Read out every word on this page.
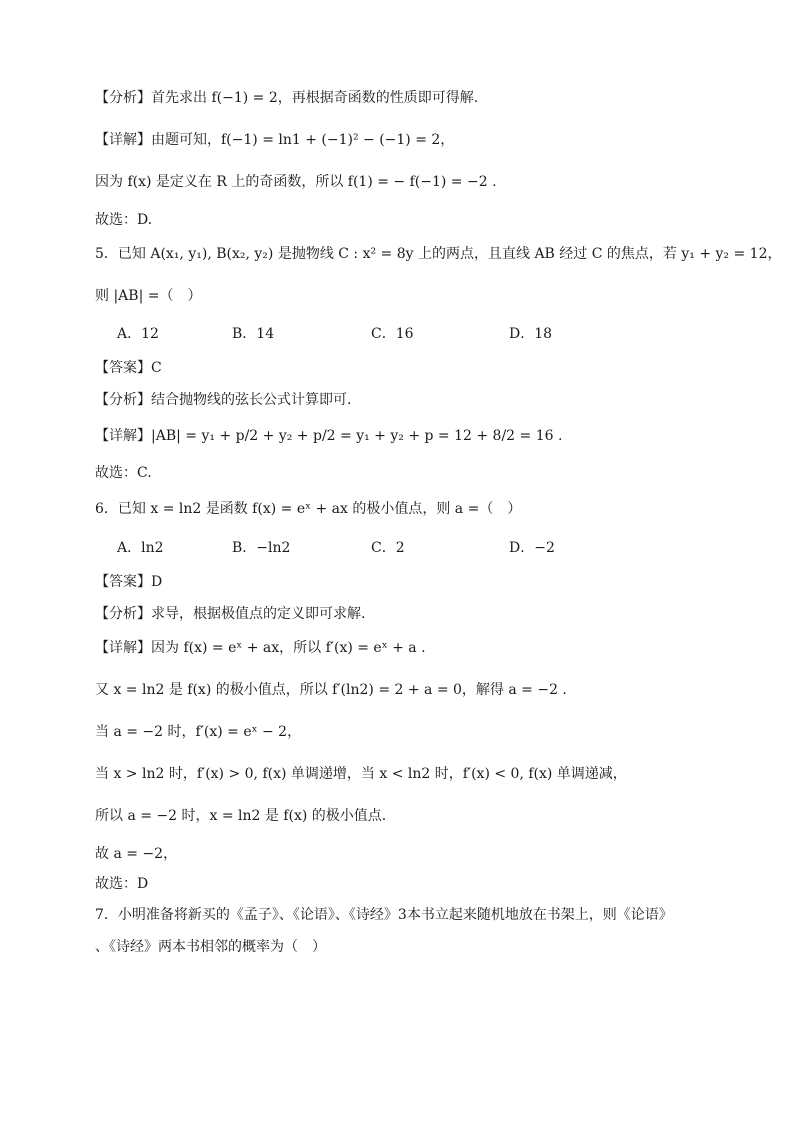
【分析】首先求出 f(−1) = 2，再根据奇函数的性质即可得解.
【详解】由题可知，f(−1) = ln1 + (−1)² − (−1) = 2，
因为 f(x) 是定义在 R 上的奇函数，所以 f(1) = − f(−1) = −2 .
故选：D.
5．已知 A(x₁, y₁), B(x₂, y₂) 是抛物线 C : x² = 8y 上的两点，且直线 AB 经过 C 的焦点，若 y₁ + y₂ = 12，
则 |AB| =（　）
A．12	B．14	C．16	D．18
【答案】C
【分析】结合抛物线的弦长公式计算即可.
【详解】|AB| = y₁ + p/2 + y₂ + p/2 = y₁ + y₂ + p = 12 + 8/2 = 16 .
故选：C.
6．已知 x = ln2 是函数 f(x) = eˣ + ax 的极小值点，则 a =（　）
A．ln2	B．−ln2	C．2	D．−2
【答案】D
【分析】求导，根据极值点的定义即可求解.
【详解】因为 f(x) = eˣ + ax，所以 f′(x) = eˣ + a .
又 x = ln2 是 f(x) 的极小值点，所以 f′(ln2) = 2 + a = 0，解得 a = −2 .
当 a = −2 时，f′(x) = eˣ − 2，
当 x > ln2 时，f′(x) > 0, f(x) 单调递增，当 x < ln2 时，f′(x) < 0, f(x) 单调递减，
所以 a = −2 时，x = ln2 是 f(x) 的极小值点.
故 a = −2，
故选：D
7．小明准备将新买的《孟子》、《论语》、《诗经》3本书立起来随机地放在书架上，则《论语》
、《诗经》两本书相邻的概率为（　）
